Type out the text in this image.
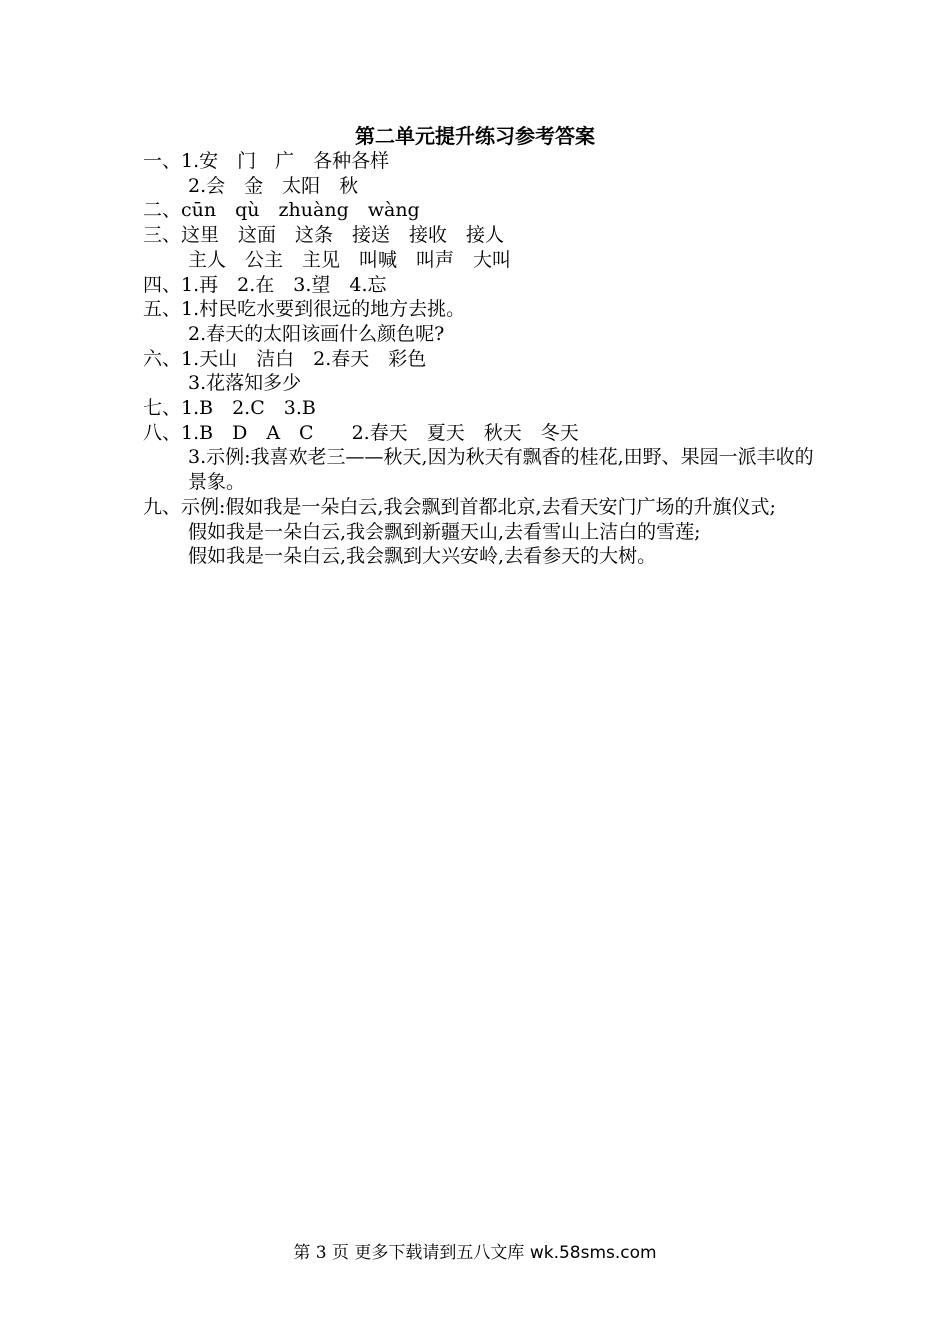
第二单元提升练习参考答案
一、1.安　门　广　各种各样
2.会　金　太阳　秋
二、cūn　qù　zhuàng　wàng
三、这里　这面　这条　接送　接收　接人
主人　公主　主见　叫喊　叫声　大叫
四、1.再　2.在　3.望　4.忘
五、1.村民吃水要到很远的地方去挑。
2.春天的太阳该画什么颜色呢?
六、1.天山　洁白　2.春天　彩色
3.花落知多少
七、1.B　2.C　3.B
八、1.B　D　A　C　　2.春天　夏天　秋天　冬天
3.示例:我喜欢老三——秋天,因为秋天有飘香的桂花,田野、果园一派丰收的景象。
九、示例:假如我是一朵白云,我会飘到首都北京,去看天安门广场的升旗仪式;
假如我是一朵白云,我会飘到新疆天山,去看雪山上洁白的雪莲;
假如我是一朵白云,我会飘到大兴安岭,去看参天的大树。
第 3 页 更多下载请到五八文库 wk.58sms.com
